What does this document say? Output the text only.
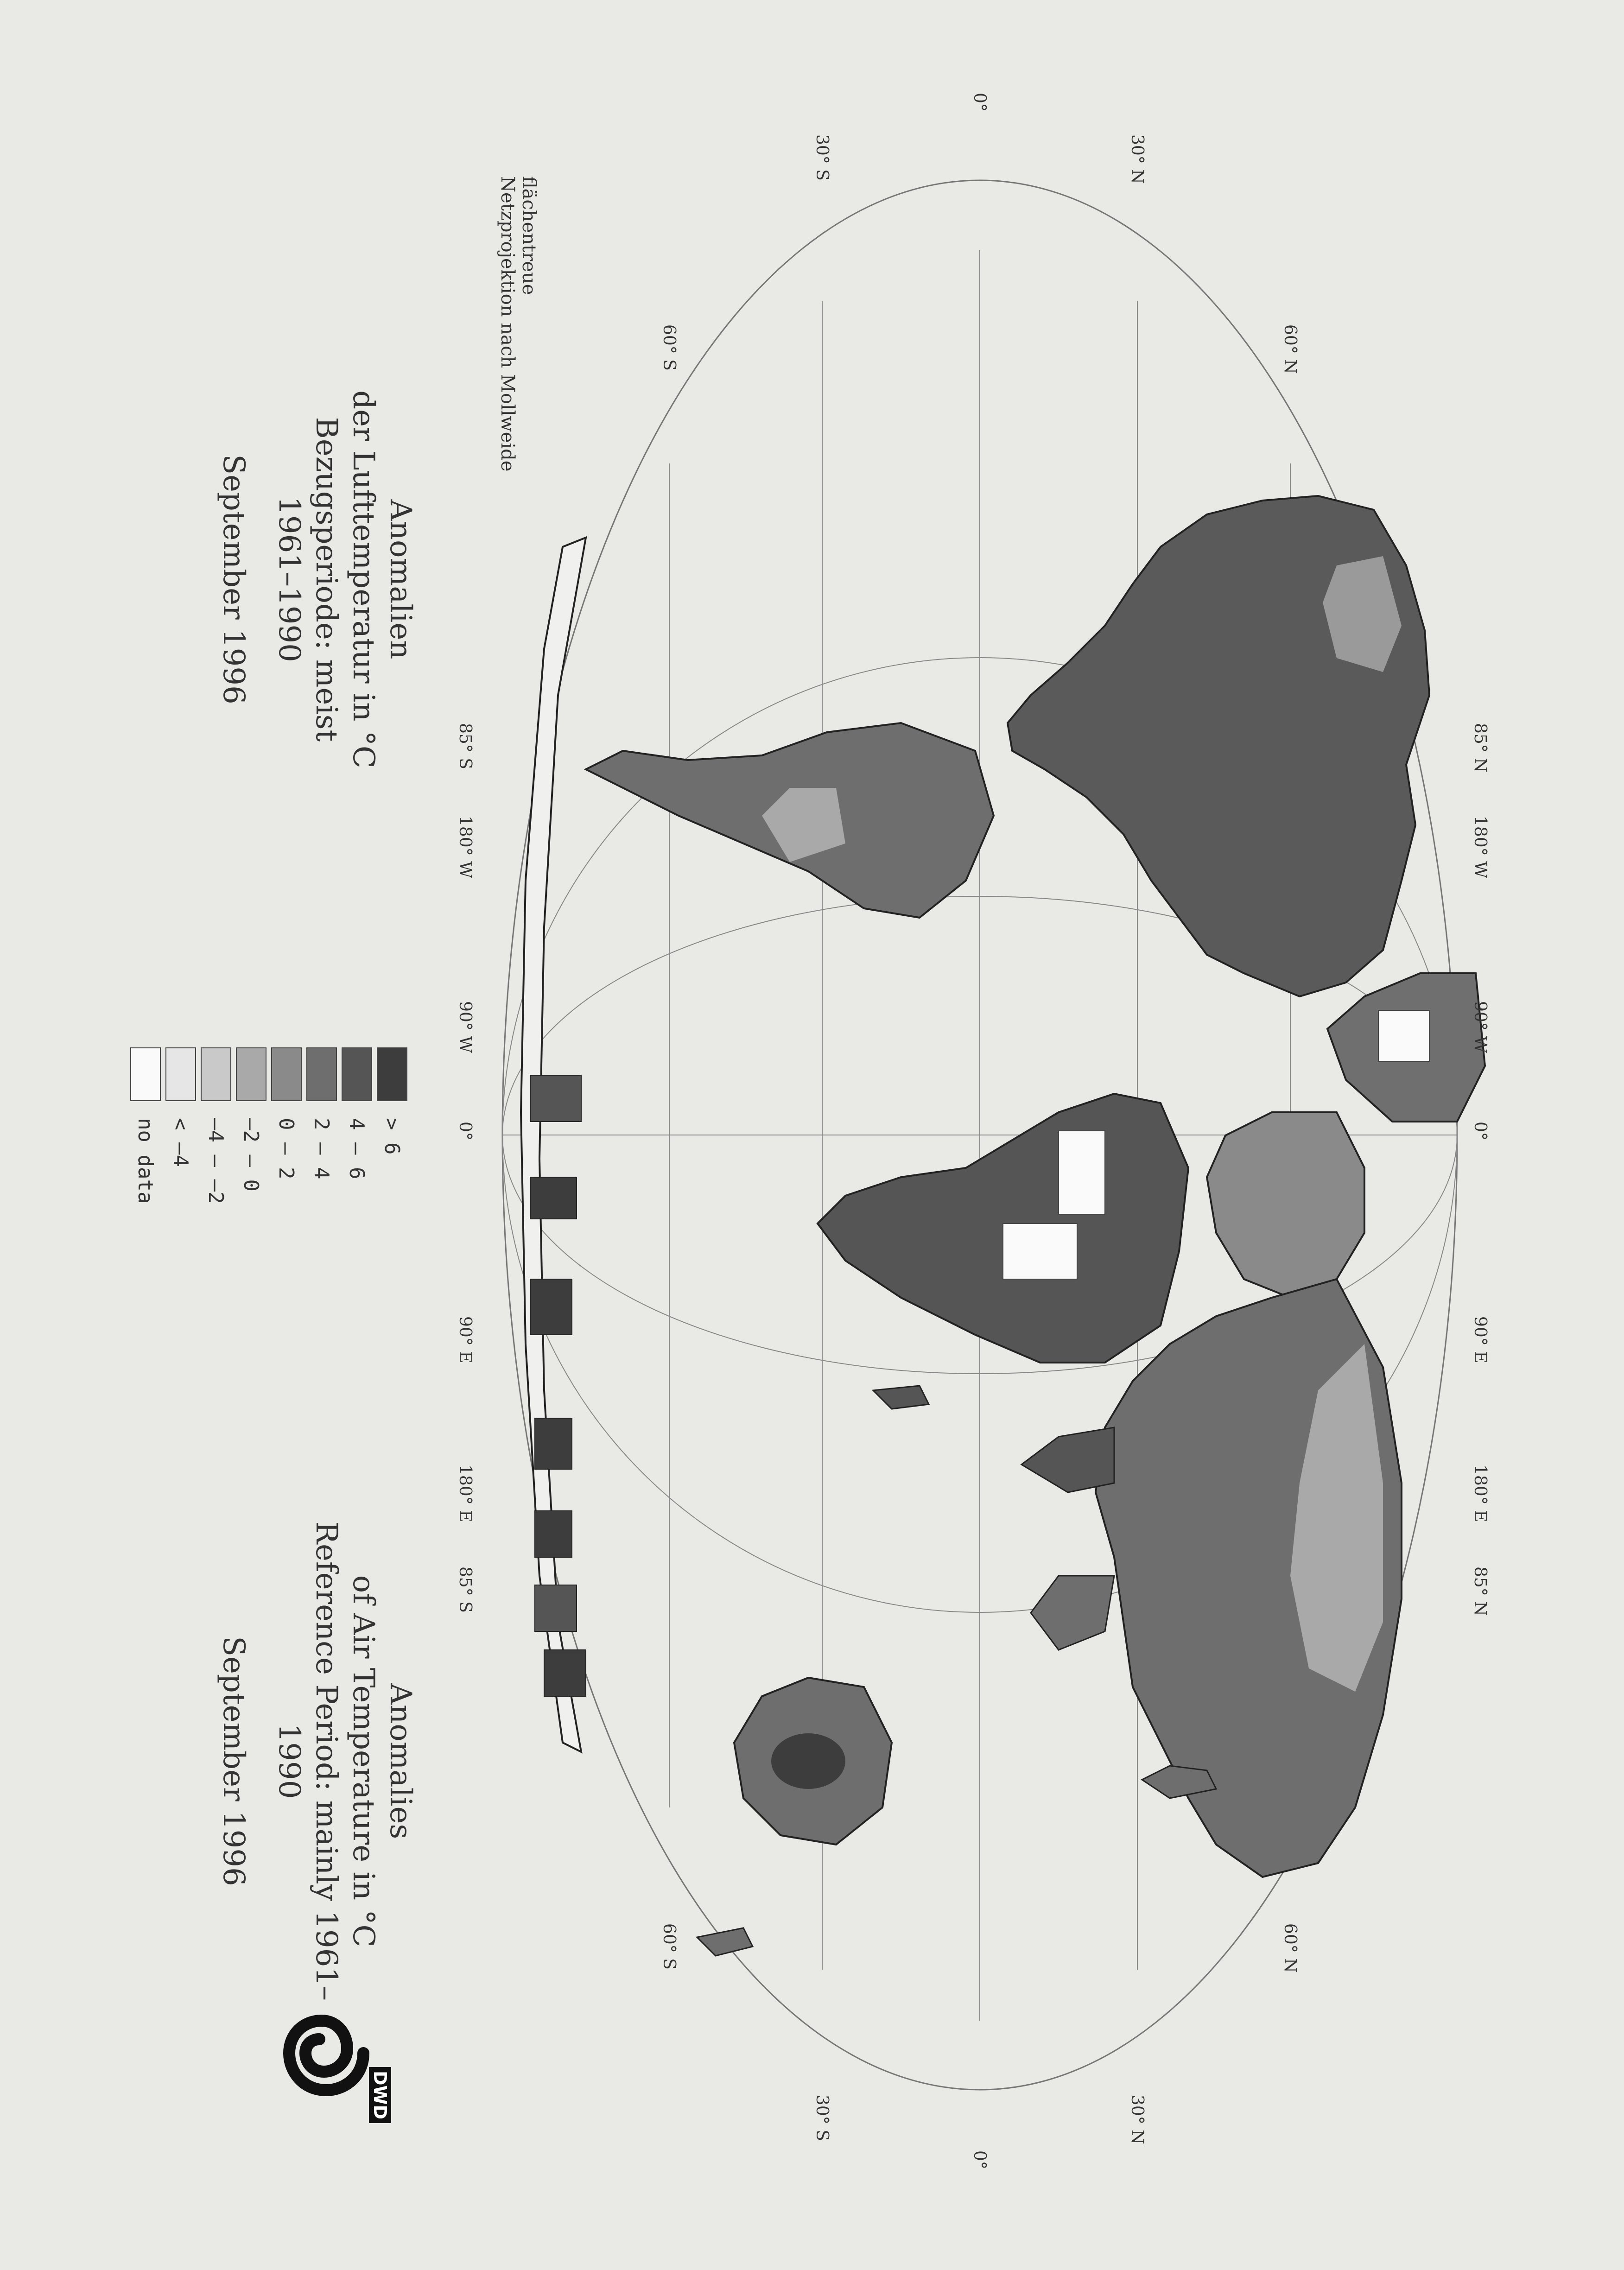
85° N
180° W
90° W
0°
90° E
180° E
85° N
85° S
180° W
90° W
0°
90° E
180° E
85° S
0°
30° N
30° S
60° N
60° S
0°
30° N
30° S
60° N
60° S
flächentreue
Netzprojektion nach Mollweide
Anomalien
der Lufttemperatur in °C
Bezugsperiode: meist 1961–1990
September 1996
Anomalies
of Air Temperature in °C
Reference Period: mainly 1961–1990
September 1996
> 6
4 – 6
2 – 4
0 – 2
–2 – 0
–4 – –2
< –4
no data
DWD
